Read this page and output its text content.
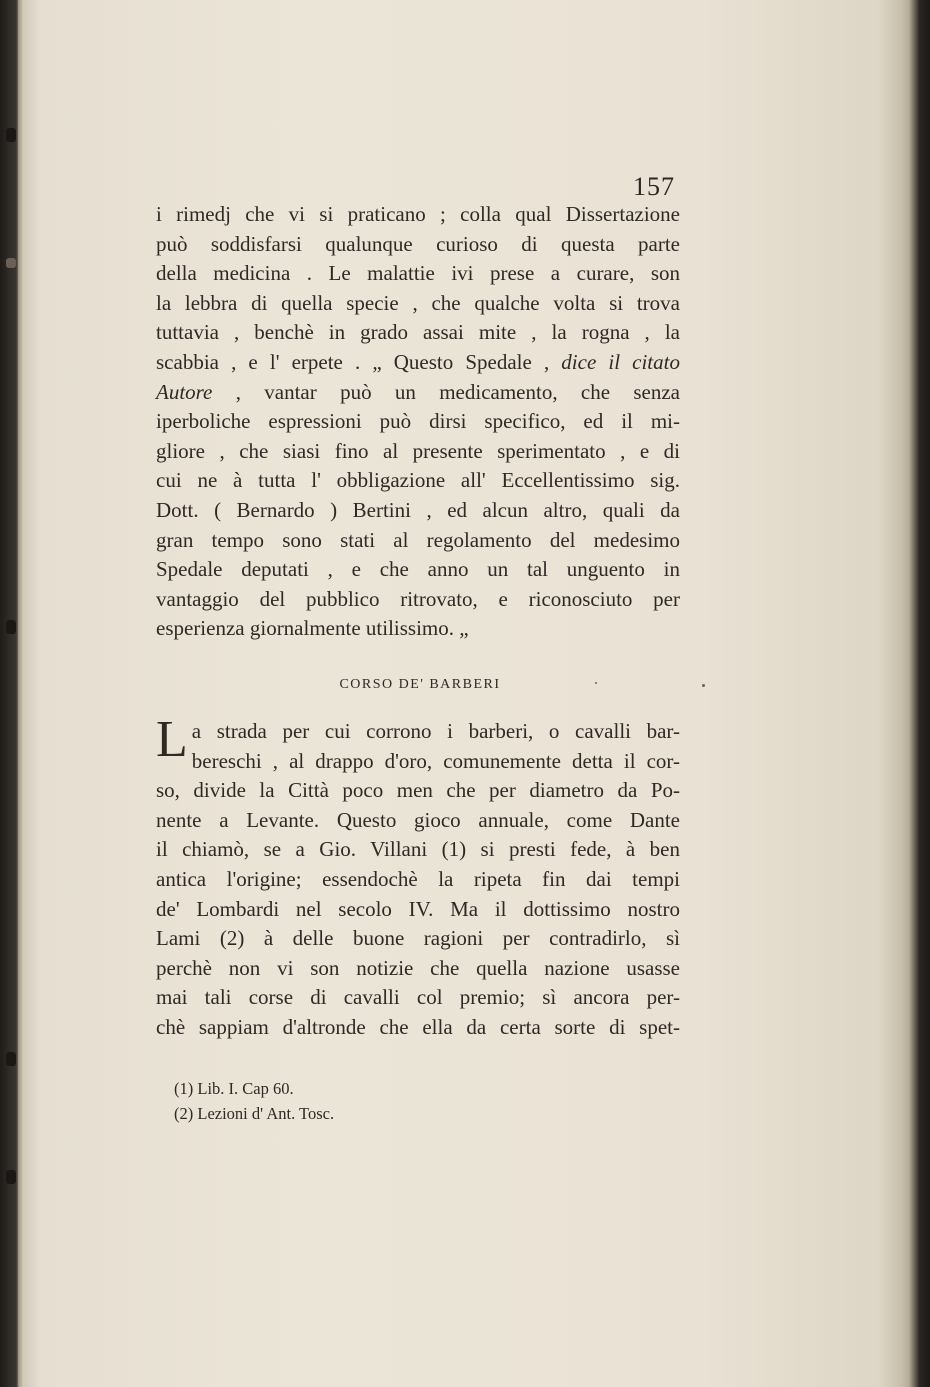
157
i rimedj che vi si praticano ; colla qual Dissertazione
può soddisfarsi qualunque curioso di questa parte
della medicina . Le malattie ivi prese a curare, son
la lebbra di quella specie , che qualche volta si trova
tuttavia , benchè in grado assai mite , la rogna , la
scabbia , e l' erpete . „ Questo Spedale , dice il citato
Autore , vantar può un medicamento, che senza
iperboliche espressioni può dirsi specifico, ed il mi-
gliore , che siasi fino al presente sperimentato , e di
cui ne à tutta l' obbligazione all' Eccellentissimo sig.
Dott. ( Bernardo ) Bertini , ed alcun altro, quali da
gran tempo sono stati al regolamento del medesimo
Spedale deputati , e che anno un tal unguento in
vantaggio del pubblico ritrovato, e riconosciuto per
esperienza giornalmente utilissimo. „
CORSO DE' BARBERI
La strada per cui corrono i barberi, o cavalli bar-
bereschi , al drappo d'oro, comunemente detta il cor-
so, divide la Città poco men che per diametro da Po-
nente a Levante. Questo gioco annuale, come Dante
il chiamò, se a Gio. Villani (1) si presti fede, à ben
antica l'origine; essendochè la ripeta fin dai tempi
de' Lombardi nel secolo IV. Ma il dottissimo nostro
Lami (2) à delle buone ragioni per contradirlo, sì
perchè non vi son notizie che quella nazione usasse
mai tali corse di cavalli col premio; sì ancora per-
chè sappiam d'altronde che ella da certa sorte di spet-
(1) Lib. I. Cap 60.
(2) Lezioni d' Ant. Tosc.
